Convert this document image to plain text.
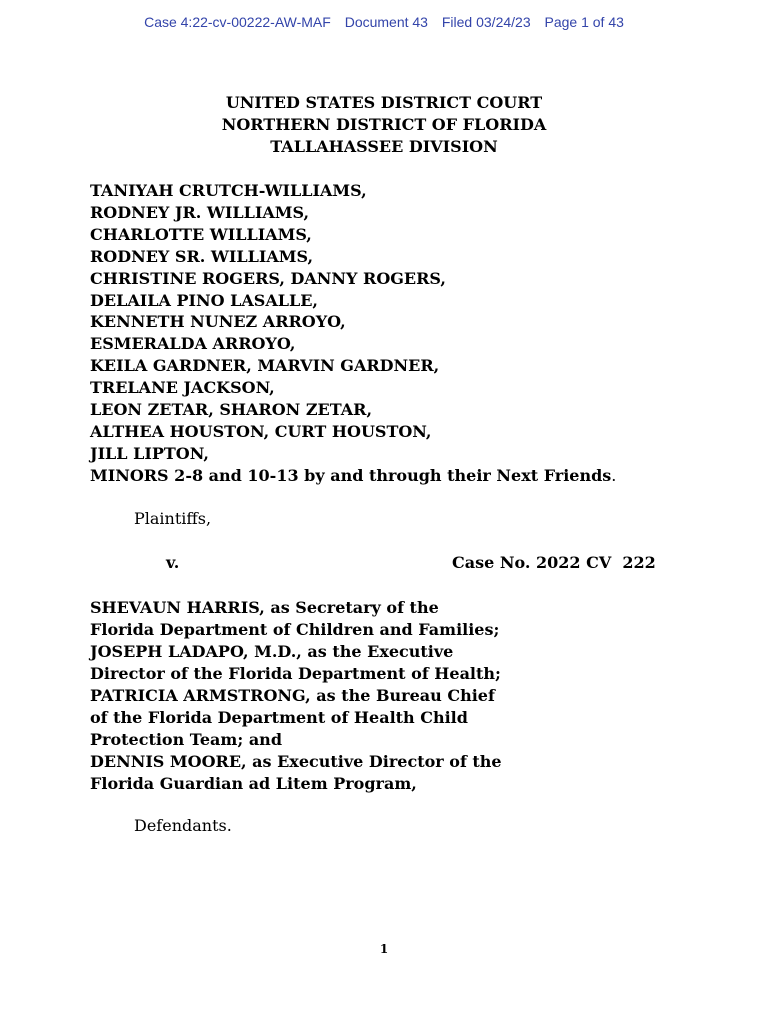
Case 4:22-cv-00222-AW-MAF Document 43 Filed 03/24/23 Page 1 of 43
UNITED STATES DISTRICT COURT
NORTHERN DISTRICT OF FLORIDA
TALLAHASSEE DIVISION
TANIYAH CRUTCH-WILLIAMS,
RODNEY JR. WILLIAMS,
CHARLOTTE WILLIAMS,
RODNEY SR. WILLIAMS,
CHRISTINE ROGERS, DANNY ROGERS,
DELAILA PINO LASALLE,
KENNETH NUNEZ ARROYO,
ESMERALDA ARROYO,
KEILA GARDNER, MARVIN GARDNER,
TRELANE JACKSON,
LEON ZETAR, SHARON ZETAR,
ALTHEA HOUSTON, CURT HOUSTON,
JILL LIPTON,
MINORS 2-8 and 10-13 by and through their Next Friends.
Plaintiffs,
v.	Case No. 2022 CV  222
SHEVAUN HARRIS, as Secretary of the
Florida Department of Children and Families;
JOSEPH LADAPO, M.D., as the Executive
Director of the Florida Department of Health;
PATRICIA ARMSTRONG, as the Bureau Chief
of the Florida Department of Health Child
Protection Team; and
DENNIS MOORE, as Executive Director of the
Florida Guardian ad Litem Program,
Defendants.
1
